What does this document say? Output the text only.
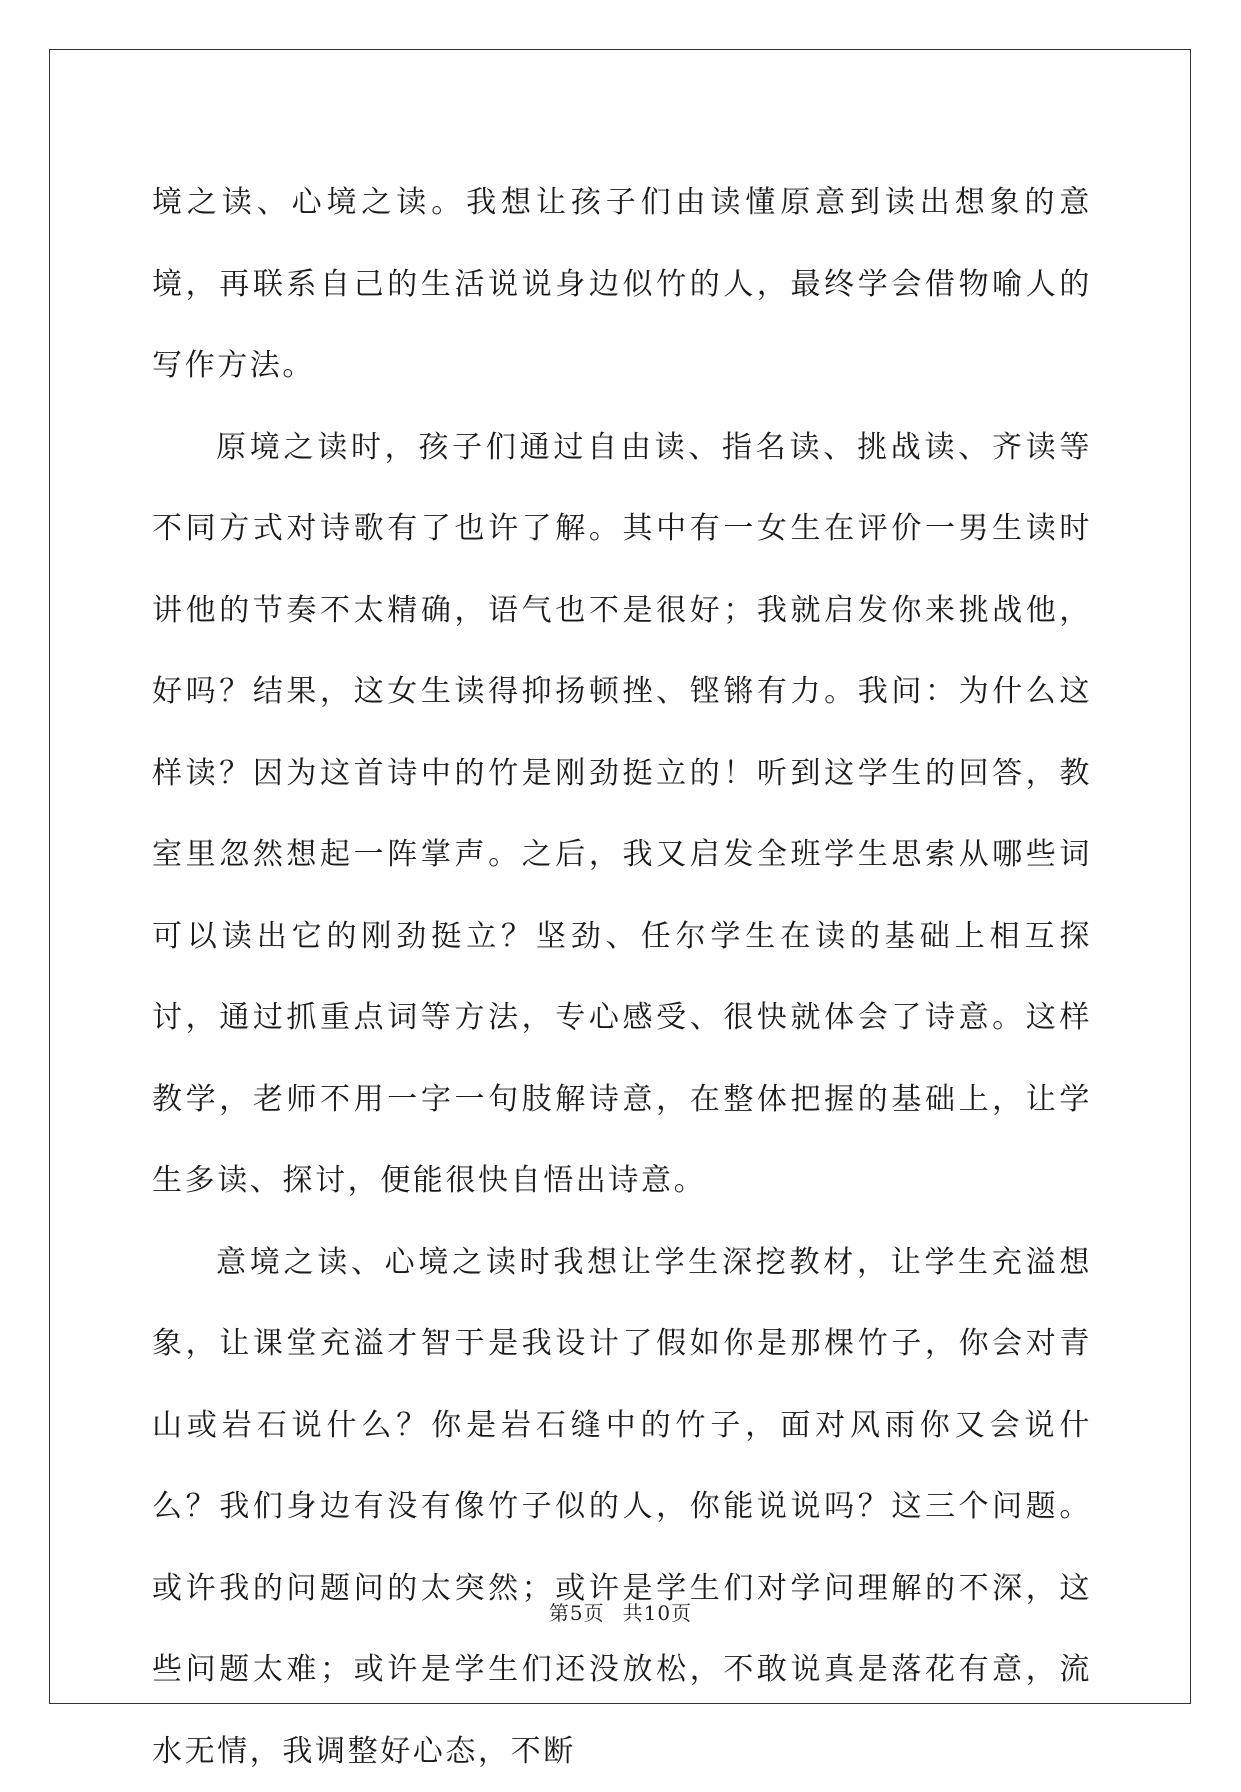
境之读、心境之读。我想让孩子们由读懂原意到读出想象的意境，再联系自己的生活说说身边似竹的人，最终学会借物喻人的写作方法。

原境之读时，孩子们通过自由读、指名读、挑战读、齐读等不同方式对诗歌有了也许了解。其中有一女生在评价一男生读时讲他的节奏不太精确，语气也不是很好；我就启发你来挑战他，好吗？结果，这女生读得抑扬顿挫、铿锵有力。我问：为什么这样读？因为这首诗中的竹是刚劲挺立的！听到这学生的回答，教室里忽然想起一阵掌声。之后，我又启发全班学生思索从哪些词可以读出它的刚劲挺立？坚劲、任尔学生在读的基础上相互探讨，通过抓重点词等方法，专心感受、很快就体会了诗意。这样教学，老师不用一字一句肢解诗意，在整体把握的基础上，让学生多读、探讨，便能很快自悟出诗意。

意境之读、心境之读时我想让学生深挖教材，让学生充溢想象，让课堂充溢才智于是我设计了假如你是那棵竹子，你会对青山或岩石说什么？你是岩石缝中的竹子，面对风雨你又会说什么？我们身边有没有像竹子似的人，你能说说吗？这三个问题。或许我的问题问的太突然；或许是学生们对学问理解的不深，这些问题太难；或许是学生们还没放松，不敢说真是落花有意，流水无情，我调整好心态，不断

第5页 共10页
